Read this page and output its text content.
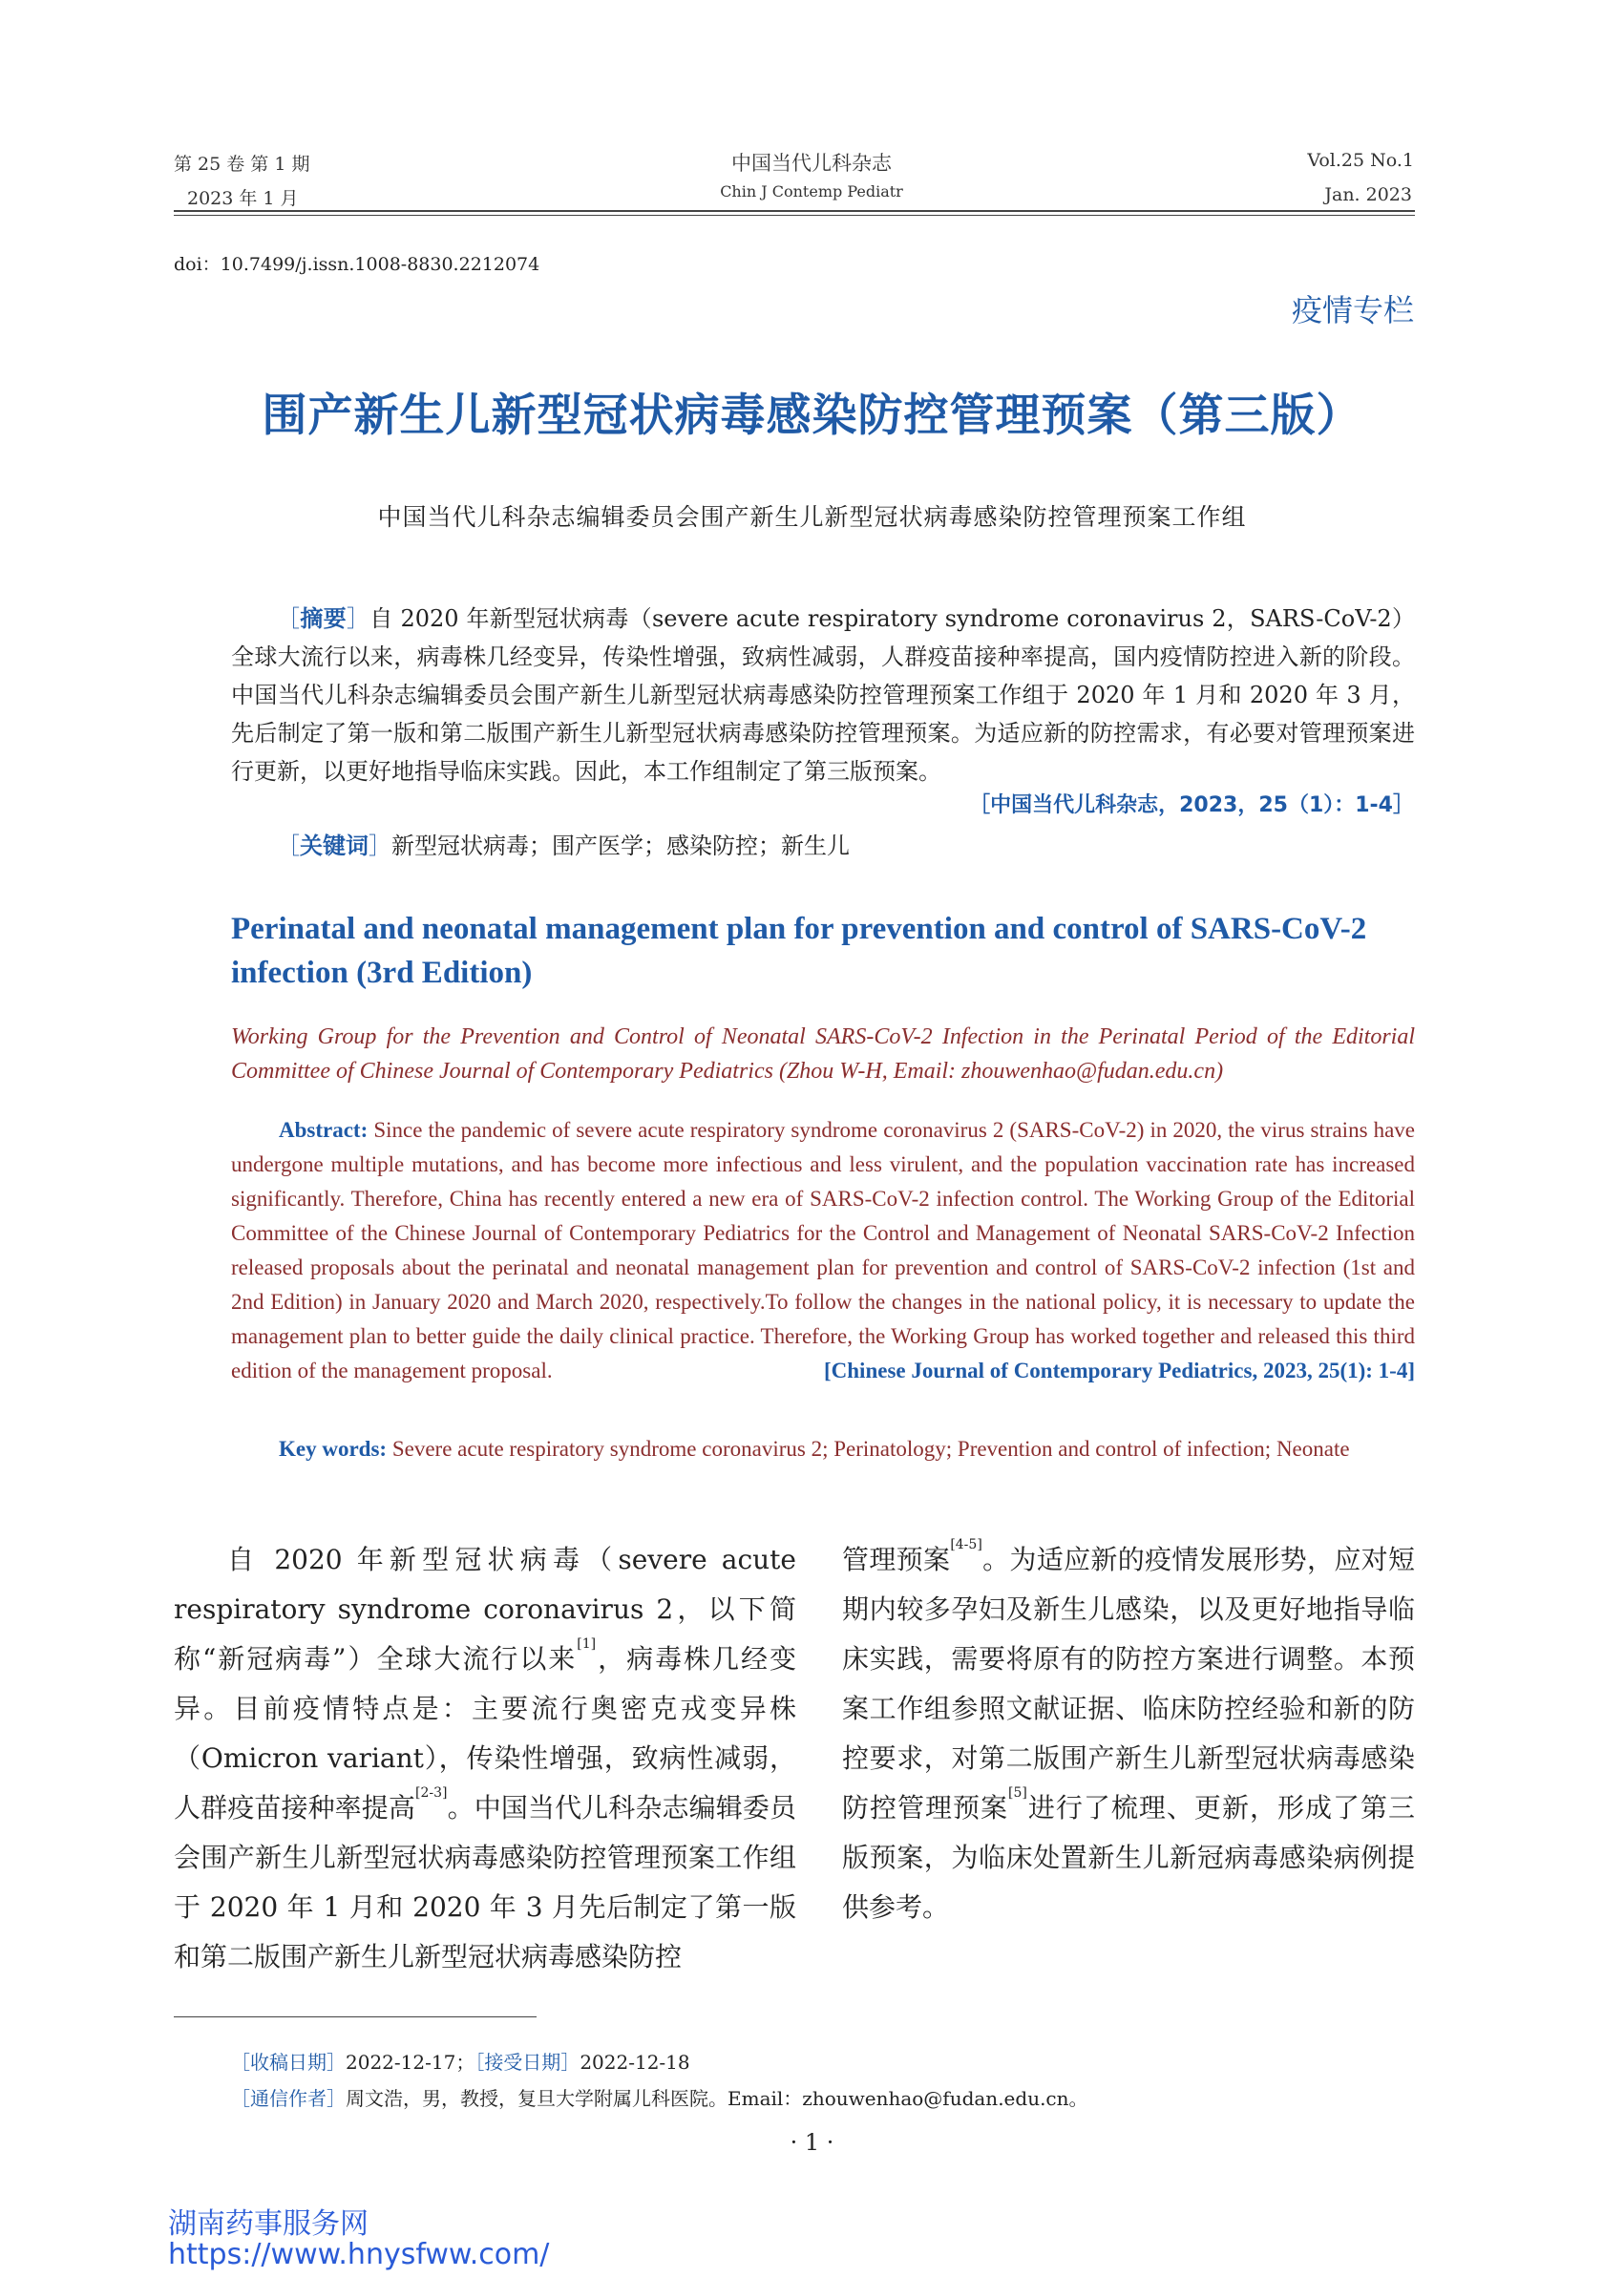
第 25 卷 第 1 期
2023 年 1 月
中国当代儿科杂志
Chin J Contemp Pediatr
Vol.25 No.1
Jan. 2023
doi：10.7499/j.issn.1008-8830.2212074
疫情专栏
围产新生儿新型冠状病毒感染防控管理预案（第三版）
中国当代儿科杂志编辑委员会围产新生儿新型冠状病毒感染防控管理预案工作组
［摘要］自 2020 年新型冠状病毒（severe acute respiratory syndrome coronavirus 2，SARS-CoV-2）全球大流行以来，病毒株几经变异，传染性增强，致病性减弱，人群疫苗接种率提高，国内疫情防控进入新的阶段。中国当代儿科杂志编辑委员会围产新生儿新型冠状病毒感染防控管理预案工作组于 2020 年 1 月和 2020 年 3 月，先后制定了第一版和第二版围产新生儿新型冠状病毒感染防控管理预案。为适应新的防控需求，有必要对管理预案进行更新，以更好地指导临床实践。因此，本工作组制定了第三版预案。
［中国当代儿科杂志，2023，25（1）：1-4］
［关键词］新型冠状病毒；围产医学；感染防控；新生儿
Perinatal and neonatal management plan for prevention and control of SARS-CoV-2 infection (3rd Edition)
Working Group for the Prevention and Control of Neonatal SARS-CoV-2 Infection in the Perinatal Period of the Editorial Committee of Chinese Journal of Contemporary Pediatrics (Zhou W-H, Email: zhouwenhao@fudan.edu.cn)
Abstract: Since the pandemic of severe acute respiratory syndrome coronavirus 2 (SARS-CoV-2) in 2020, the virus strains have undergone multiple mutations, and has become more infectious and less virulent, and the population vaccination rate has increased significantly. Therefore, China has recently entered a new era of SARS-CoV-2 infection control. The Working Group of the Editorial Committee of the Chinese Journal of Contemporary Pediatrics for the Control and Management of Neonatal SARS-CoV-2 Infection released proposals about the perinatal and neonatal management plan for prevention and control of SARS-CoV-2 infection (1st and 2nd Edition) in January 2020 and March 2020, respectively.To follow the changes in the national policy, it is necessary to update the management plan to better guide the daily clinical practice. Therefore, the Working Group has worked together and released this third edition of the management proposal.	[Chinese Journal of Contemporary Pediatrics, 2023, 25(1): 1-4]
Key words: Severe acute respiratory syndrome coronavirus 2; Perinatology; Prevention and control of infection; Neonate
自 2020 年新型冠状病毒（severe acute respiratory syndrome coronavirus 2，以下简称“新冠病毒”）全球大流行以来[1]，病毒株几经变异。目前疫情特点是：主要流行奥密克戎变异株（Omicron variant），传染性增强，致病性减弱，人群疫苗接种率提高[2-3]。中国当代儿科杂志编辑委员会围产新生儿新型冠状病毒感染防控管理预案工作组于 2020 年 1 月和 2020 年 3 月先后制定了第一版和第二版围产新生儿新型冠状病毒感染防控
管理预案[4-5]。为适应新的疫情发展形势，应对短期内较多孕妇及新生儿感染，以及更好地指导临床实践，需要将原有的防控方案进行调整。本预案工作组参照文献证据、临床防控经验和新的防控要求，对第二版围产新生儿新型冠状病毒感染防控管理预案[5]进行了梳理、更新，形成了第三版预案，为临床处置新生儿新冠病毒感染病例提供参考。
［收稿日期］2022-12-17；［接受日期］2022-12-18
［通信作者］周文浩，男，教授，复旦大学附属儿科医院。Email：zhouwenhao@fudan.edu.cn。
· 1 ·
湖南药事服务网
https://www.hnysfww.com/
